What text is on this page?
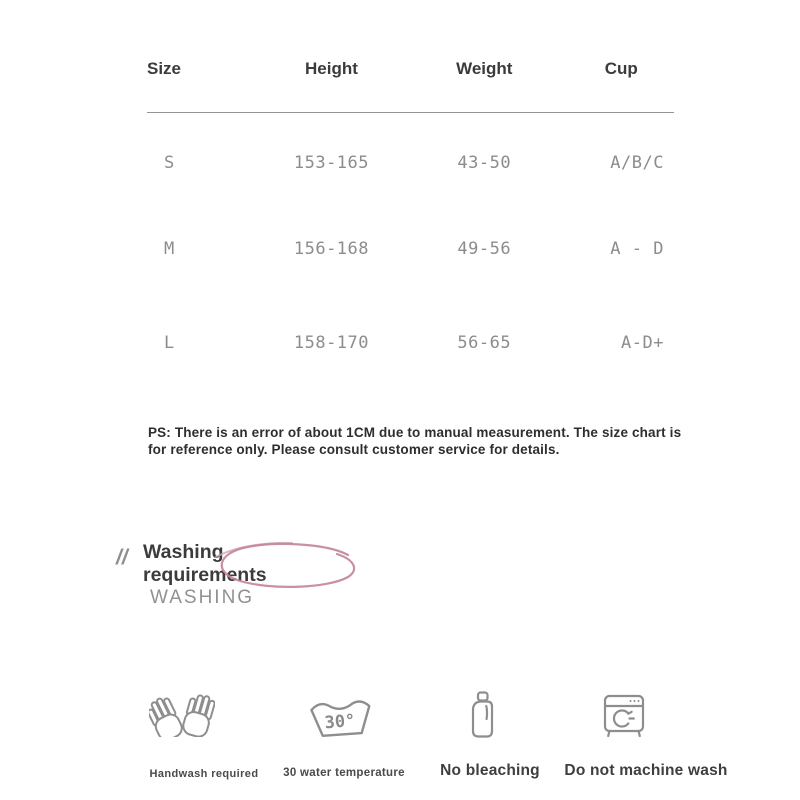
Size	Height	Weight	Cup
S	153-165	43-50	A/B/C
M	156-168	49-56	A - D
L	158-170	56-65	A-D+

PS: There is an error of about 1CM due to manual measurement. The size chart is for reference only. Please consult customer service for details.

// Washing requirements
WASHING
30°
Handwash required 30 water temperature No bleaching Do not machine wash
